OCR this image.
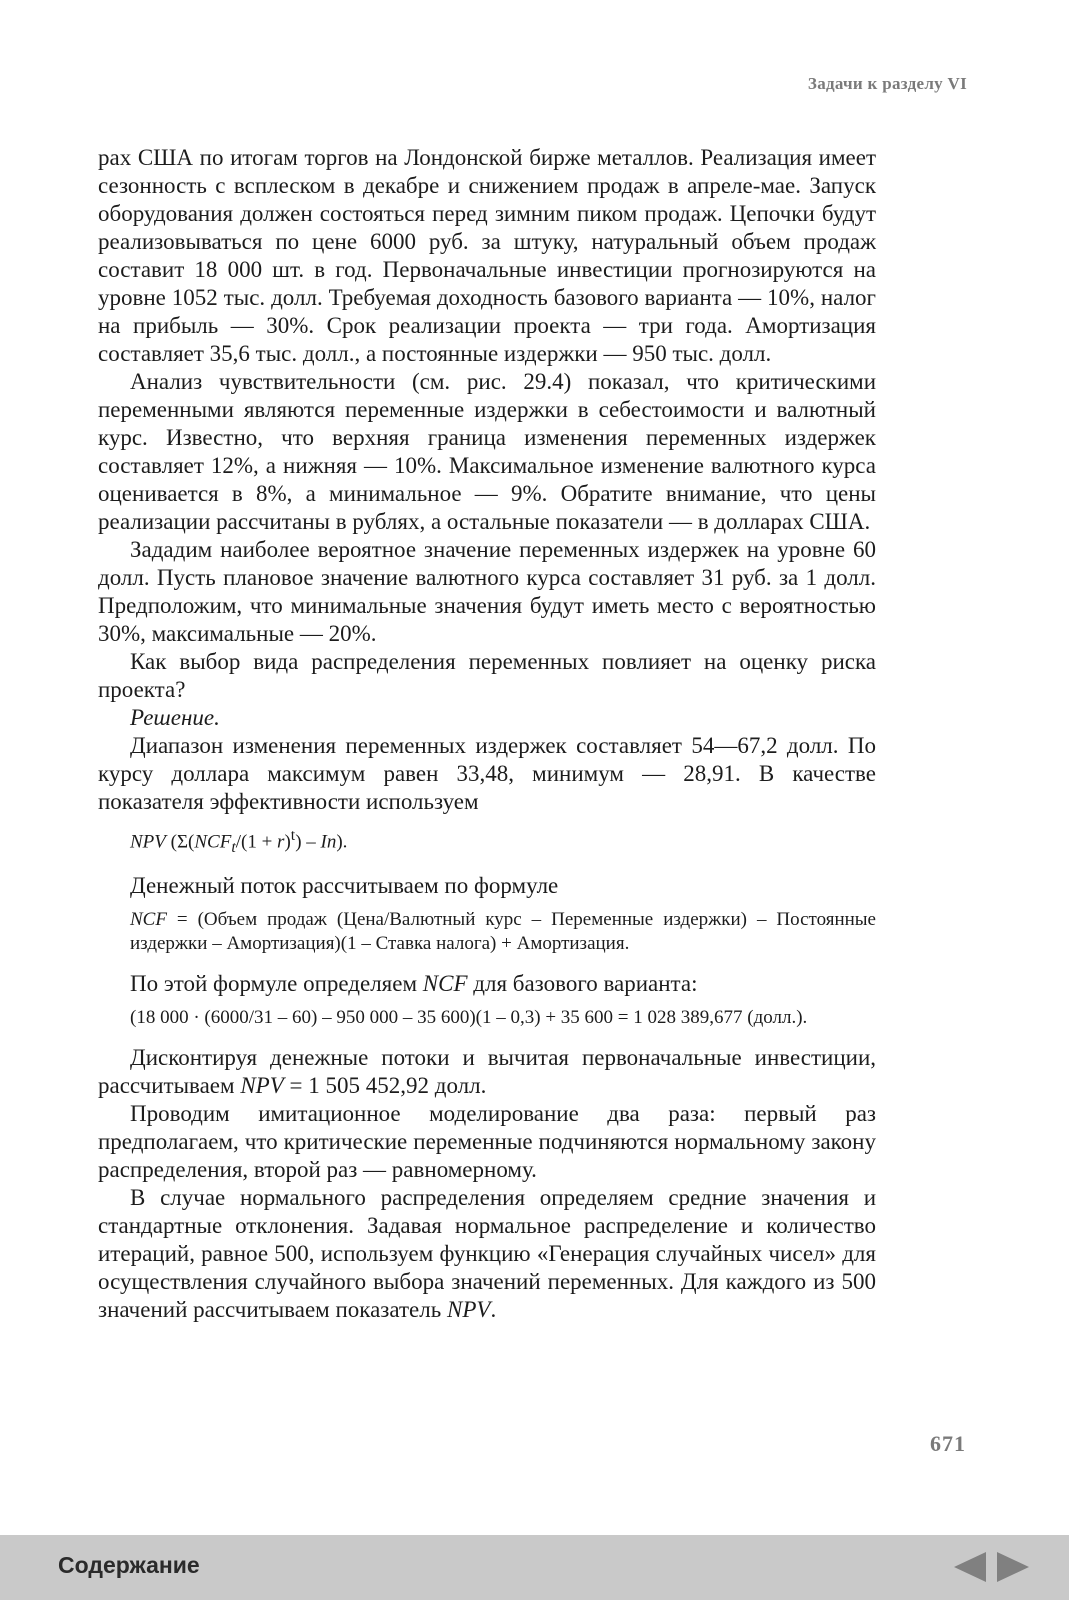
Задачи к разделу VI

рах США по итогам торгов на Лондонской бирже металлов. Реализация имеет сезонность с всплеском в декабре и снижением продаж в апреле-мае. Запуск оборудования должен состояться перед зимним пиком продаж. Цепочки будут реализовываться по цене 6000 руб. за штуку, натуральный объем продаж составит 18 000 шт. в год. Первоначальные инвестиции прогнозируются на уровне 1052 тыс. долл. Требуемая доходность базового варианта — 10%, налог на прибыль — 30%. Срок реализации проекта — три года. Амортизация составляет 35,6 тыс. долл., а постоянные издержки — 950 тыс. долл.

Анализ чувствительности (см. рис. 29.4) показал, что критическими переменными являются переменные издержки в себестоимости и валютный курс. Известно, что верхняя граница изменения переменных издержек составляет 12%, а нижняя — 10%. Максимальное изменение валютного курса оценивается в 8%, а минимальное — 9%. Обратите внимание, что цены реализации рассчитаны в рублях, а остальные показатели — в долларах США.

Зададим наиболее вероятное значение переменных издержек на уровне 60 долл. Пусть плановое значение валютного курса составляет 31 руб. за 1 долл. Предположим, что минимальные значения будут иметь место с вероятностью 30%, максимальные — 20%.

Как выбор вида распределения переменных повлияет на оценку риска проекта?

Решение.

Диапазон изменения переменных издержек составляет 54—67,2 долл. По курсу доллара максимум равен 33,48, минимум — 28,91. В качестве показателя эффективности используем

NPV $(\Sigma(NCF_t/(1 + r)^t) - In)$.

Денежный поток рассчитываем по формуле

NCF = (Объем продаж (Цена/Валютный курс – Переменные издержки) – Постоянные издержки – Амортизация)(1 – Ставка налога) + Амортизация.

По этой формуле определяем NCF для базового варианта:

(18 000 · (6000/31 – 60) – 950 000 – 35 600)(1 – 0,3) + 35 600 = 1 028 389,677 (долл.).

Дисконтируя денежные потоки и вычитая первоначальные инвестиции, рассчитываем NPV = 1 505 452,92 долл.

Проводим имитационное моделирование два раза: первый раз предполагаем, что критические переменные подчиняются нормальному закону распределения, второй раз — равномерному.

В случае нормального распределения определяем средние значения и стандартные отклонения. Задавая нормальное распределение и количество итераций, равное 500, используем функцию «Генерация случайных чисел» для осуществления случайного выбора значений переменных. Для каждого из 500 значений рассчитываем показатель NPV.

671
Содержание
